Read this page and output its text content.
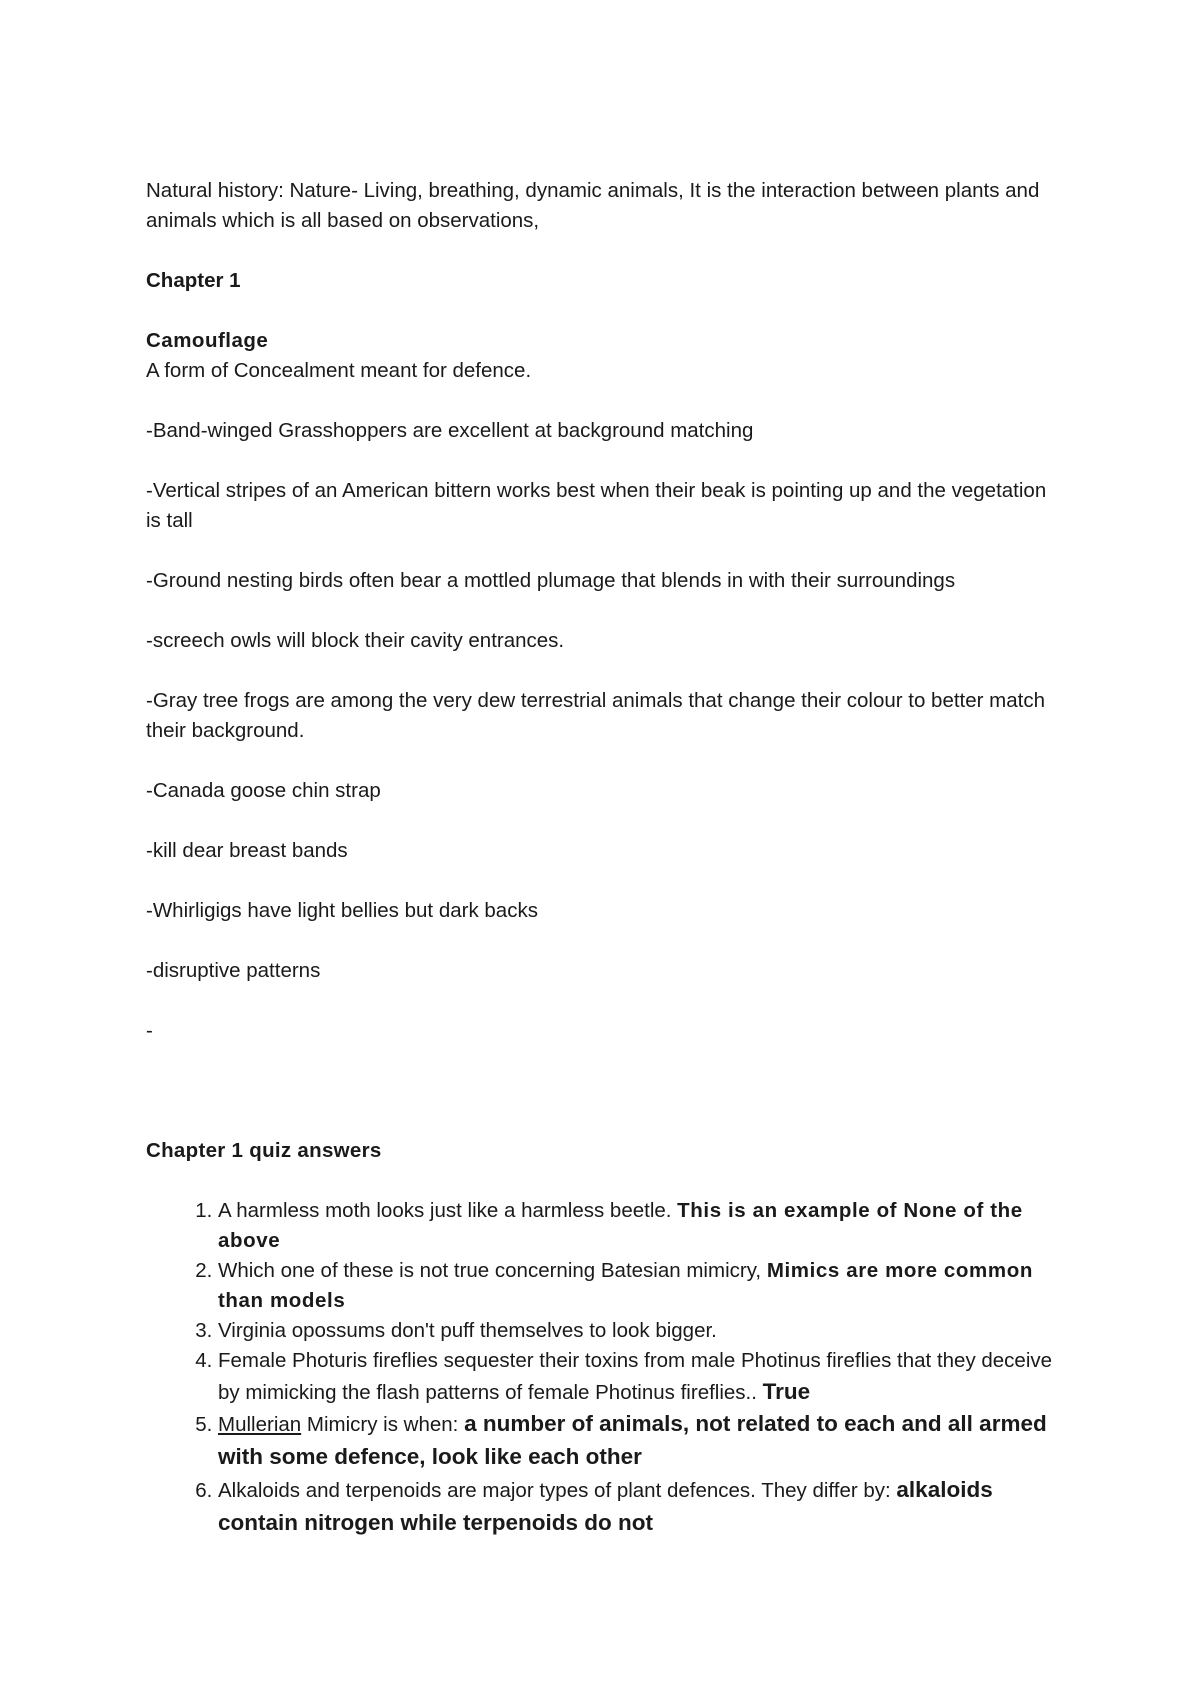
Natural history: Nature- Living, breathing, dynamic animals, It is the interaction between plants and animals which is all based on observations,

Chapter 1

Camouflage

A form of Concealment meant for defence.

-Band-winged Grasshoppers are excellent at background matching

-Vertical stripes of an American bittern works best when their beak is pointing up and the vegetation is tall

-Ground nesting birds often bear a mottled plumage that blends in with their surroundings

-screech owls will block their cavity entrances.

-Gray tree frogs are among the very dew terrestrial animals that change their colour to better match their background.

-Canada goose chin strap

-kill dear breast bands

-Whirligigs have light bellies but dark backs

-disruptive patterns

-

Chapter 1 quiz answers

1. A harmless moth looks just like a harmless beetle. This is an example of None of the above
2. Which one of these is not true concerning Batesian mimicry, Mimics are more common than models
3. Virginia opossums don't puff themselves to look bigger.
4. Female Photuris fireflies sequester their toxins from male Photinus fireflies that they deceive by mimicking the flash patterns of female Photinus fireflies.. True
5. Mullerian Mimicry is when: a number of animals, not related to each and all armed with some defence, look like each other
6. Alkaloids and terpenoids are major types of plant defences. They differ by: alkaloids contain nitrogen while terpenoids do not
